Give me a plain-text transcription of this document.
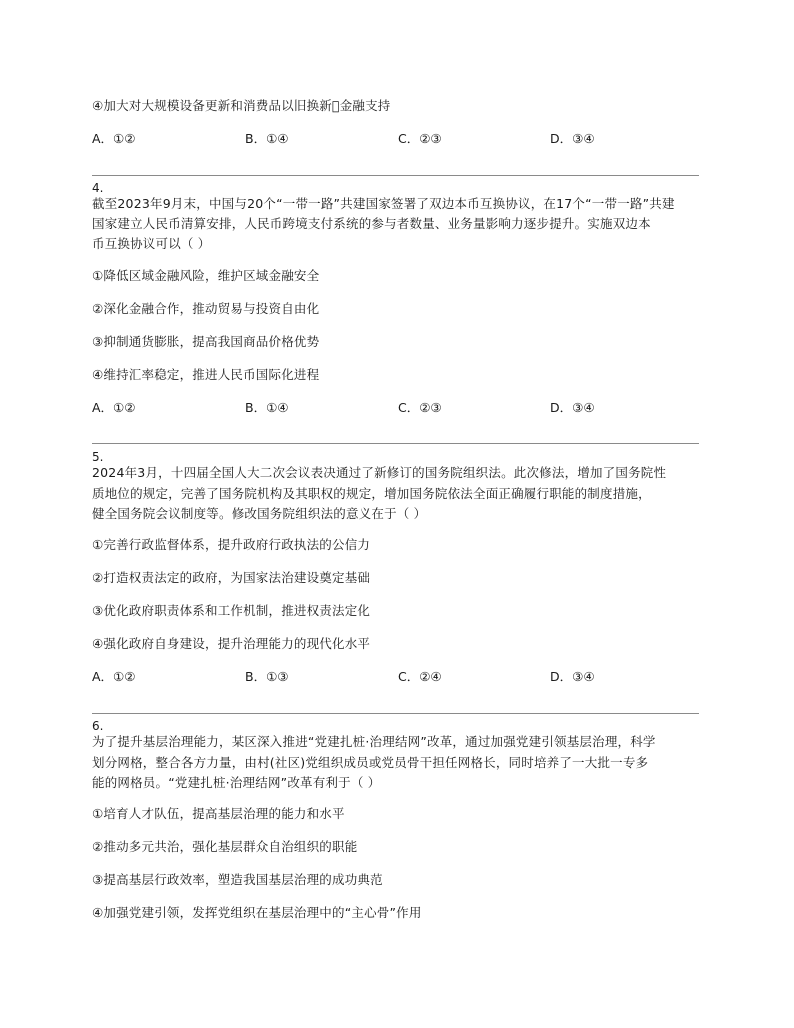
④加大对大规模设备更新和消费品以旧换新􀀀金融支持
A．①②	B．①④	C．②③	D．③④
4.
截至2023年9月末，中国与20个“一带一路”共建国家签署了双边本币互换协议，在17个“一带一路”共建
国家建立人民币清算安排，人民币跨境支付系统的参与者数量、业务量影响力逐步提升。实施双边本
币互换协议可以（ ）
①降低区域金融风险，维护区域金融安全
②深化金融合作，推动贸易与投资自由化
③抑制通货膨胀，提高我国商品价格优势
④维持汇率稳定，推进人民币国际化进程
A．①②	B．①④	C．②③	D．③④
5.
2024年3月，十四届全国人大二次会议表决通过了新修订的国务院组织法。此次修法，增加了国务院性
质地位的规定，完善了国务院机构及其职权的规定，增加国务院依法全面正确履行职能的制度措施，
健全国务院会议制度等。修改国务院组织法的意义在于（ ）
①完善行政监督体系，提升政府行政执法的公信力
②打造权责法定的政府，为国家法治建设奠定基础
③优化政府职责体系和工作机制，推进权责法定化
④强化政府自身建设，提升治理能力的现代化水平
A．①②	B．①③	C．②④	D．③④
6.
为了提升基层治理能力，某区深入推进“党建扎桩·治理结网”改革，通过加强党建引领基层治理，科学
划分网格，整合各方力量，由村(社区)党组织成员或党员骨干担任网格长，同时培养了一大批一专多
能的网格员。“党建扎桩·治理结网”改革有利于（ ）
①培育人才队伍，提高基层治理的能力和水平
②推动多元共治，强化基层群众自治组织的职能
③提高基层行政效率，塑造我国基层治理的成功典范
④加强党建引领，发挥党组织在基层治理中的“主心骨”作用
